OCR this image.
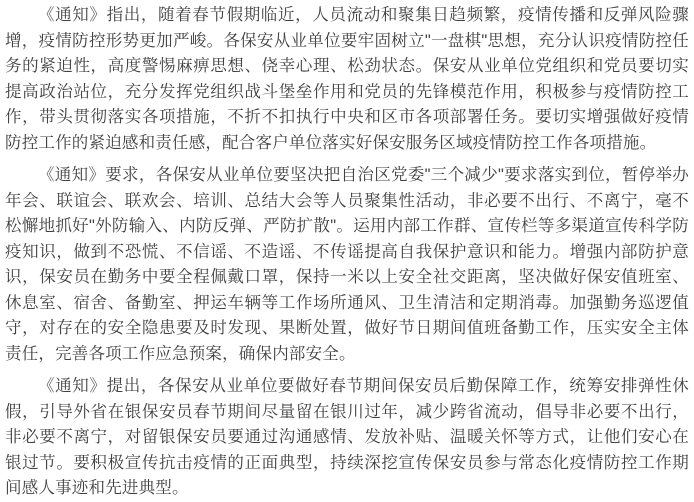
《通知》指出，随着春节假期临近，人员流动和聚集日趋频繁，疫情传播和反弹风险骤增，疫情防控形势更加严峻。各保安从业单位要牢固树立"一盘棋"思想，充分认识疫情防控任务的紧迫性，高度警惕麻痹思想、侥幸心理、松劲状态。保安从业单位党组织和党员要切实提高政治站位，充分发挥党组织战斗堡垒作用和党员的先锋模范作用，积极参与疫情防控工作，带头贯彻落实各项措施，不折不扣执行中央和区市各项部署任务。要切实增强做好疫情防控工作的紧迫感和责任感，配合客户单位落实好保安服务区域疫情防控工作各项措施。

《通知》要求，各保安从业单位要坚决把自治区党委"三个减少"要求落实到位，暂停举办年会、联谊会、联欢会、培训、总结大会等人员聚集性活动，非必要不出行、不离宁，毫不松懈地抓好"外防输入、内防反弹、严防扩散"。运用内部工作群、宣传栏等多渠道宣传科学防疫知识，做到不恐慌、不信谣、不造谣、不传谣提高自我保护意识和能力。增强内部防护意识，保安员在勤务中要全程佩戴口罩，保持一米以上安全社交距离，坚决做好保安值班室、休息室、宿舍、备勤室、押运车辆等工作场所通风、卫生清洁和定期消毒。加强勤务巡逻值守，对存在的安全隐患要及时发现、果断处置，做好节日期间值班备勤工作，压实安全主体责任，完善各项工作应急预案，确保内部安全。

《通知》提出，各保安从业单位要做好春节期间保安员后勤保障工作，统筹安排弹性休假，引导外省在银保安员春节期间尽量留在银川过年，减少跨省流动，倡导非必要不出行，非必要不离宁，对留银保安员要通过沟通感情、发放补贴、温暖关怀等方式，让他们安心在银过节。要积极宣传抗击疫情的正面典型，持续深挖宣传保安员参与常态化疫情防控工作期间感人事迹和先进典型。
